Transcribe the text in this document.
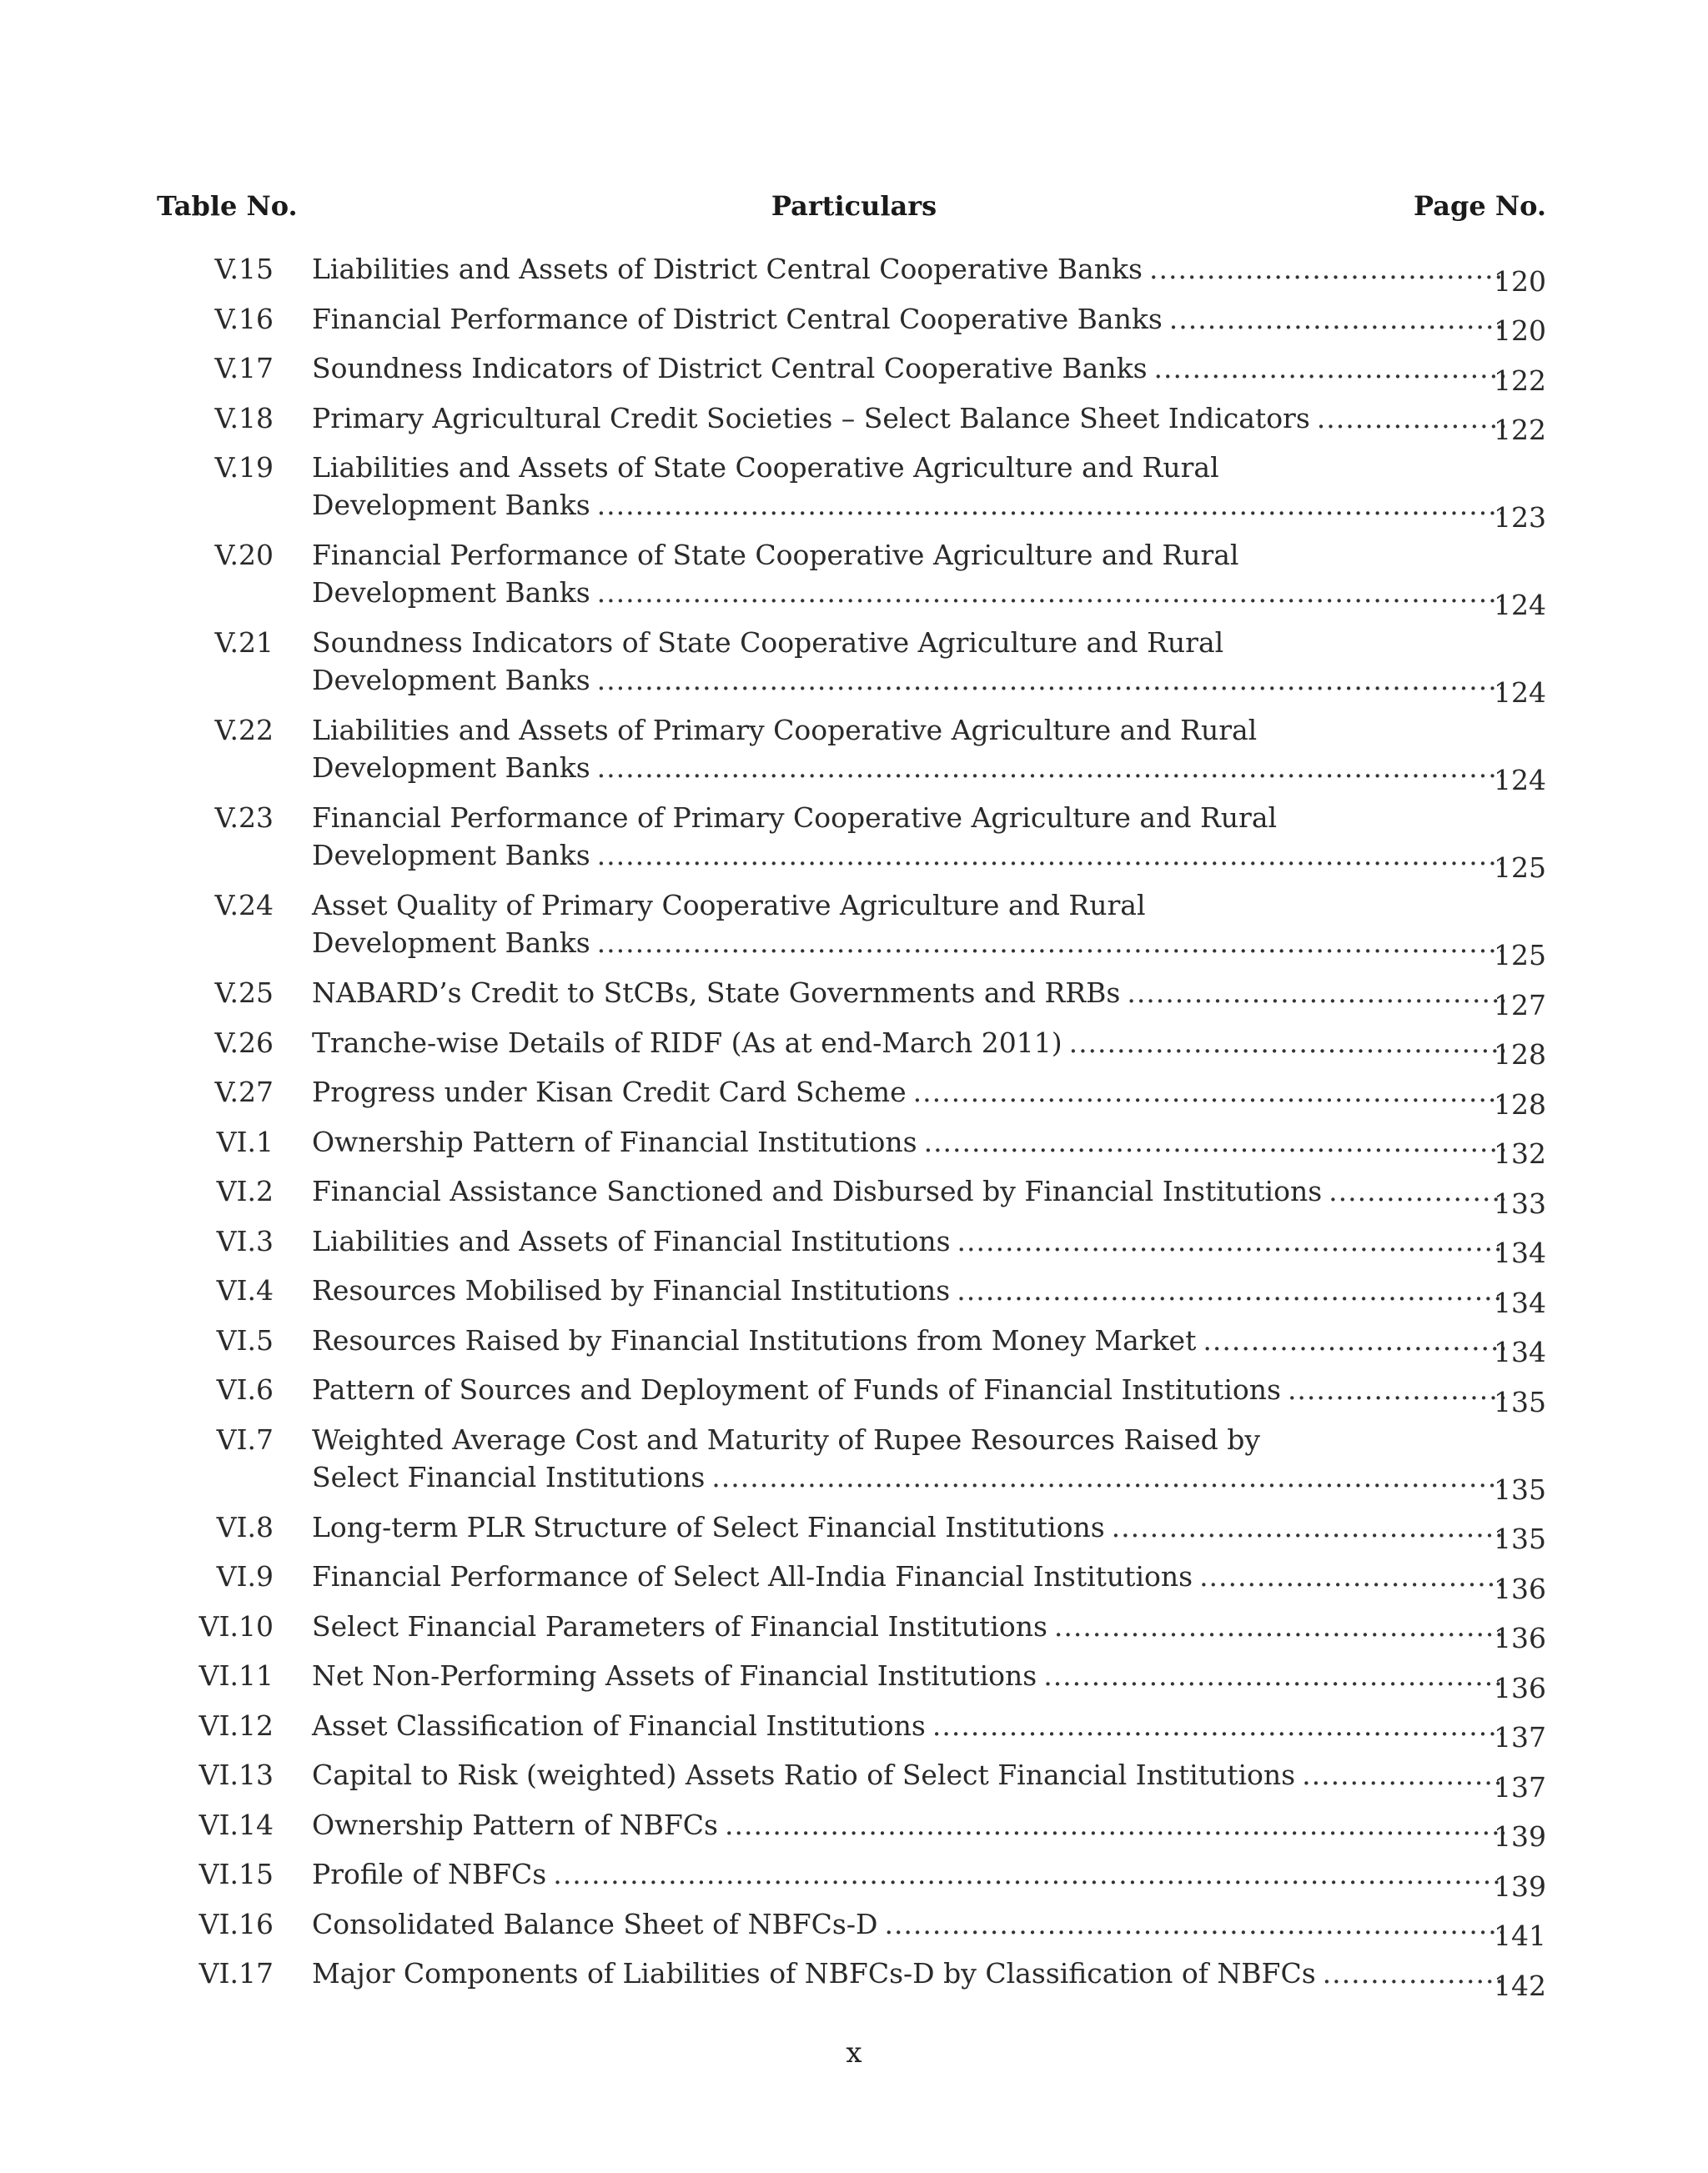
Table No.	Particulars	Page No.
V.15 Liabilities and Assets of District Central Cooperative Banks .....	120
V.16 Financial Performance of District Central Cooperative Banks .....	120
V.17 Soundness Indicators of District Central Cooperative Banks .....	122
V.18 Primary Agricultural Credit Societies – Select Balance Sheet Indicators .....	122
V.19 Liabilities and Assets of State Cooperative Agriculture and Rural
Development Banks .....	123
V.20 Financial Performance of State Cooperative Agriculture and Rural
Development Banks .....	124
V.21 Soundness Indicators of State Cooperative Agriculture and Rural
Development Banks .....	124
V.22 Liabilities and Assets of Primary Cooperative Agriculture and Rural
Development Banks .....	124
V.23 Financial Performance of Primary Cooperative Agriculture and Rural
Development Banks .....	125
V.24 Asset Quality of Primary Cooperative Agriculture and Rural
Development Banks .....	125
V.25 NABARD’s Credit to StCBs, State Governments and RRBs .....	127
V.26 Tranche-wise Details of RIDF (As at end-March 2011) .....	128
V.27 Progress under Kisan Credit Card Scheme .....	128
VI.1 Ownership Pattern of Financial Institutions .....	132
VI.2 Financial Assistance Sanctioned and Disbursed by Financial Institutions .....	133
VI.3 Liabilities and Assets of Financial Institutions .....	134
VI.4 Resources Mobilised by Financial Institutions .....	134
VI.5 Resources Raised by Financial Institutions from Money Market .....	134
VI.6 Pattern of Sources and Deployment of Funds of Financial Institutions .....	135
VI.7 Weighted Average Cost and Maturity of Rupee Resources Raised by
Select Financial Institutions .....	135
VI.8 Long-term PLR Structure of Select Financial Institutions .....	135
VI.9 Financial Performance of Select All-India Financial Institutions .....	136
VI.10 Select Financial Parameters of Financial Institutions .....	136
VI.11 Net Non-Performing Assets of Financial Institutions .....	136
VI.12 Asset Classification of Financial Institutions .....	137
VI.13 Capital to Risk (weighted) Assets Ratio of Select Financial Institutions .....	137
VI.14 Ownership Pattern of NBFCs .....	139
VI.15 Profile of NBFCs .....	139
VI.16 Consolidated Balance Sheet of NBFCs-D .....	141
VI.17 Major Components of Liabilities of NBFCs-D by Classification of NBFCs .....	142
x
